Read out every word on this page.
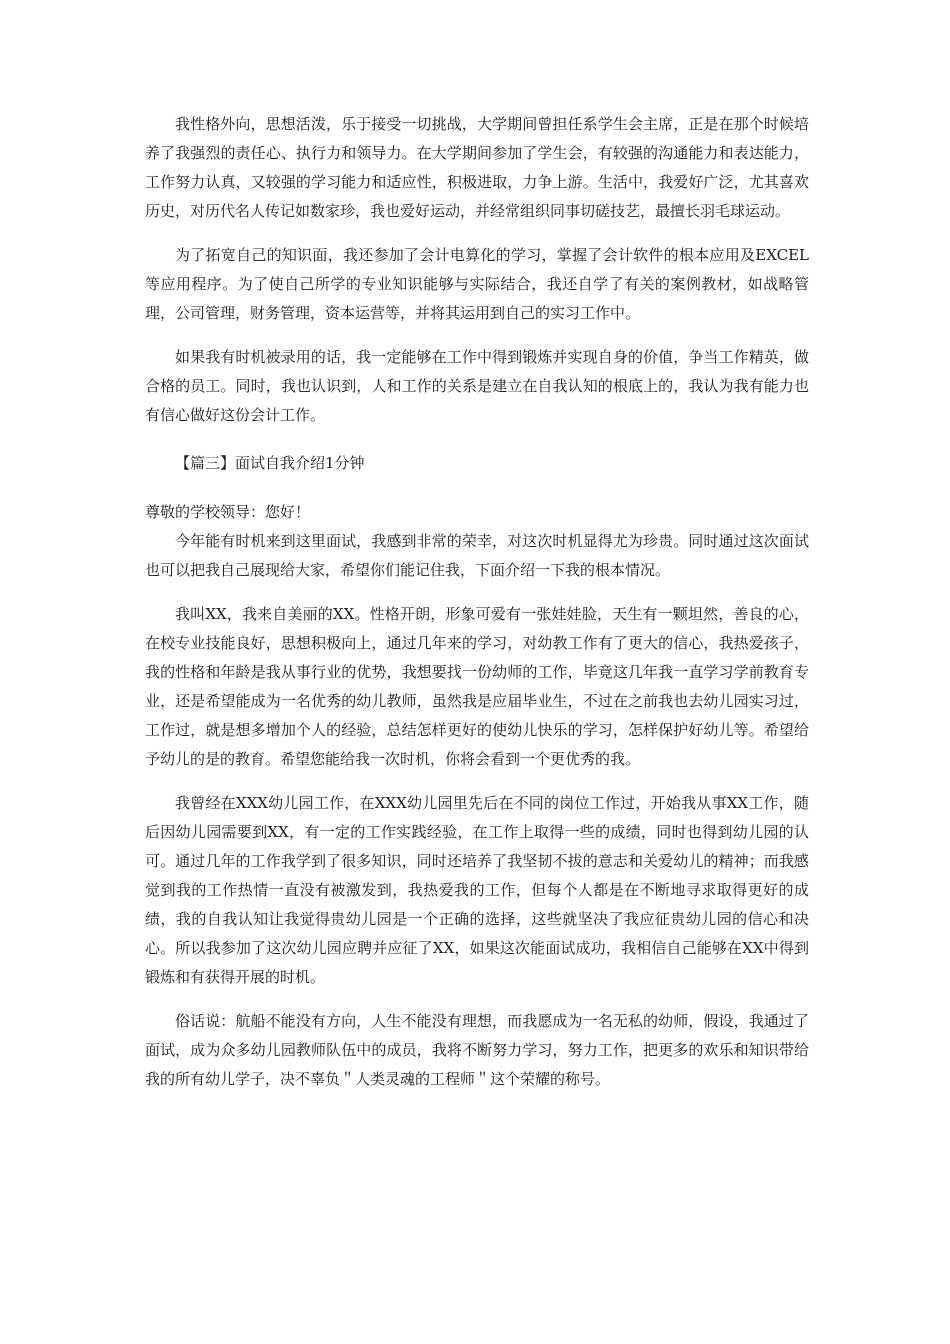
我性格外向，思想活泼，乐于接受一切挑战，大学期间曾担任系学生会主席，正是在那个时候培养了我强烈的责任心、执行力和领导力。在大学期间参加了学生会，有较强的沟通能力和表达能力，工作努力认真，又较强的学习能力和适应性，积极进取，力争上游。生活中，我爱好广泛，尤其喜欢历史，对历代名人传记如数家珍，我也爱好运动，并经常组织同事切磋技艺，最擅长羽毛球运动。

为了拓宽自己的知识面，我还参加了会计电算化的学习，掌握了会计软件的根本应用及EXCEL等应用程序。为了使自己所学的专业知识能够与实际结合，我还自学了有关的案例教材，如战略管理，公司管理，财务管理，资本运营等，并将其运用到自己的实习工作中。

如果我有时机被录用的话，我一定能够在工作中得到锻炼并实现自身的价值，争当工作精英，做合格的员工。同时，我也认识到，人和工作的关系是建立在自我认知的根底上的，我认为我有能力也有信心做好这份会计工作。

【篇三】面试自我介绍1分钟

尊敬的学校领导：您好！

今年能有时机来到这里面试，我感到非常的荣幸，对这次时机显得尤为珍贵。同时通过这次面试也可以把我自己展现给大家，希望你们能记住我，下面介绍一下我的根本情况。

我叫XX，我来自美丽的XX。性格开朗，形象可爱有一张娃娃脸，天生有一颗坦然，善良的心，在校专业技能良好，思想积极向上，通过几年来的学习，对幼教工作有了更大的信心，我热爱孩子，我的性格和年龄是我从事行业的优势，我想要找一份幼师的工作，毕竟这几年我一直学习学前教育专业，还是希望能成为一名优秀的幼儿教师，虽然我是应届毕业生，不过在之前我也去幼儿园实习过，工作过，就是想多增加个人的经验，总结怎样更好的使幼儿快乐的学习，怎样保护好幼儿等。希望给予幼儿的是的教育。希望您能给我一次时机，你将会看到一个更优秀的我。

我曾经在XXX幼儿园工作，在XXX幼儿园里先后在不同的岗位工作过，开始我从事XX工作，随后因幼儿园需要到XX，有一定的工作实践经验，在工作上取得一些的成绩，同时也得到幼儿园的认可。通过几年的工作我学到了很多知识，同时还培养了我坚韧不拔的意志和关爱幼儿的精神；而我感觉到我的工作热情一直没有被激发到，我热爱我的工作，但每个人都是在不断地寻求取得更好的成绩，我的自我认知让我觉得贵幼儿园是一个正确的选择，这些就坚决了我应征贵幼儿园的信心和决心。所以我参加了这次幼儿园应聘并应征了XX，如果这次能面试成功，我相信自己能够在XX中得到锻炼和有获得开展的时机。

俗话说：航船不能没有方向，人生不能没有理想，而我愿成为一名无私的幼师，假设，我通过了面试，成为众多幼儿园教师队伍中的成员，我将不断努力学习，努力工作，把更多的欢乐和知识带给我的所有幼儿学子，决不辜负＂人类灵魂的工程师＂这个荣耀的称号。
